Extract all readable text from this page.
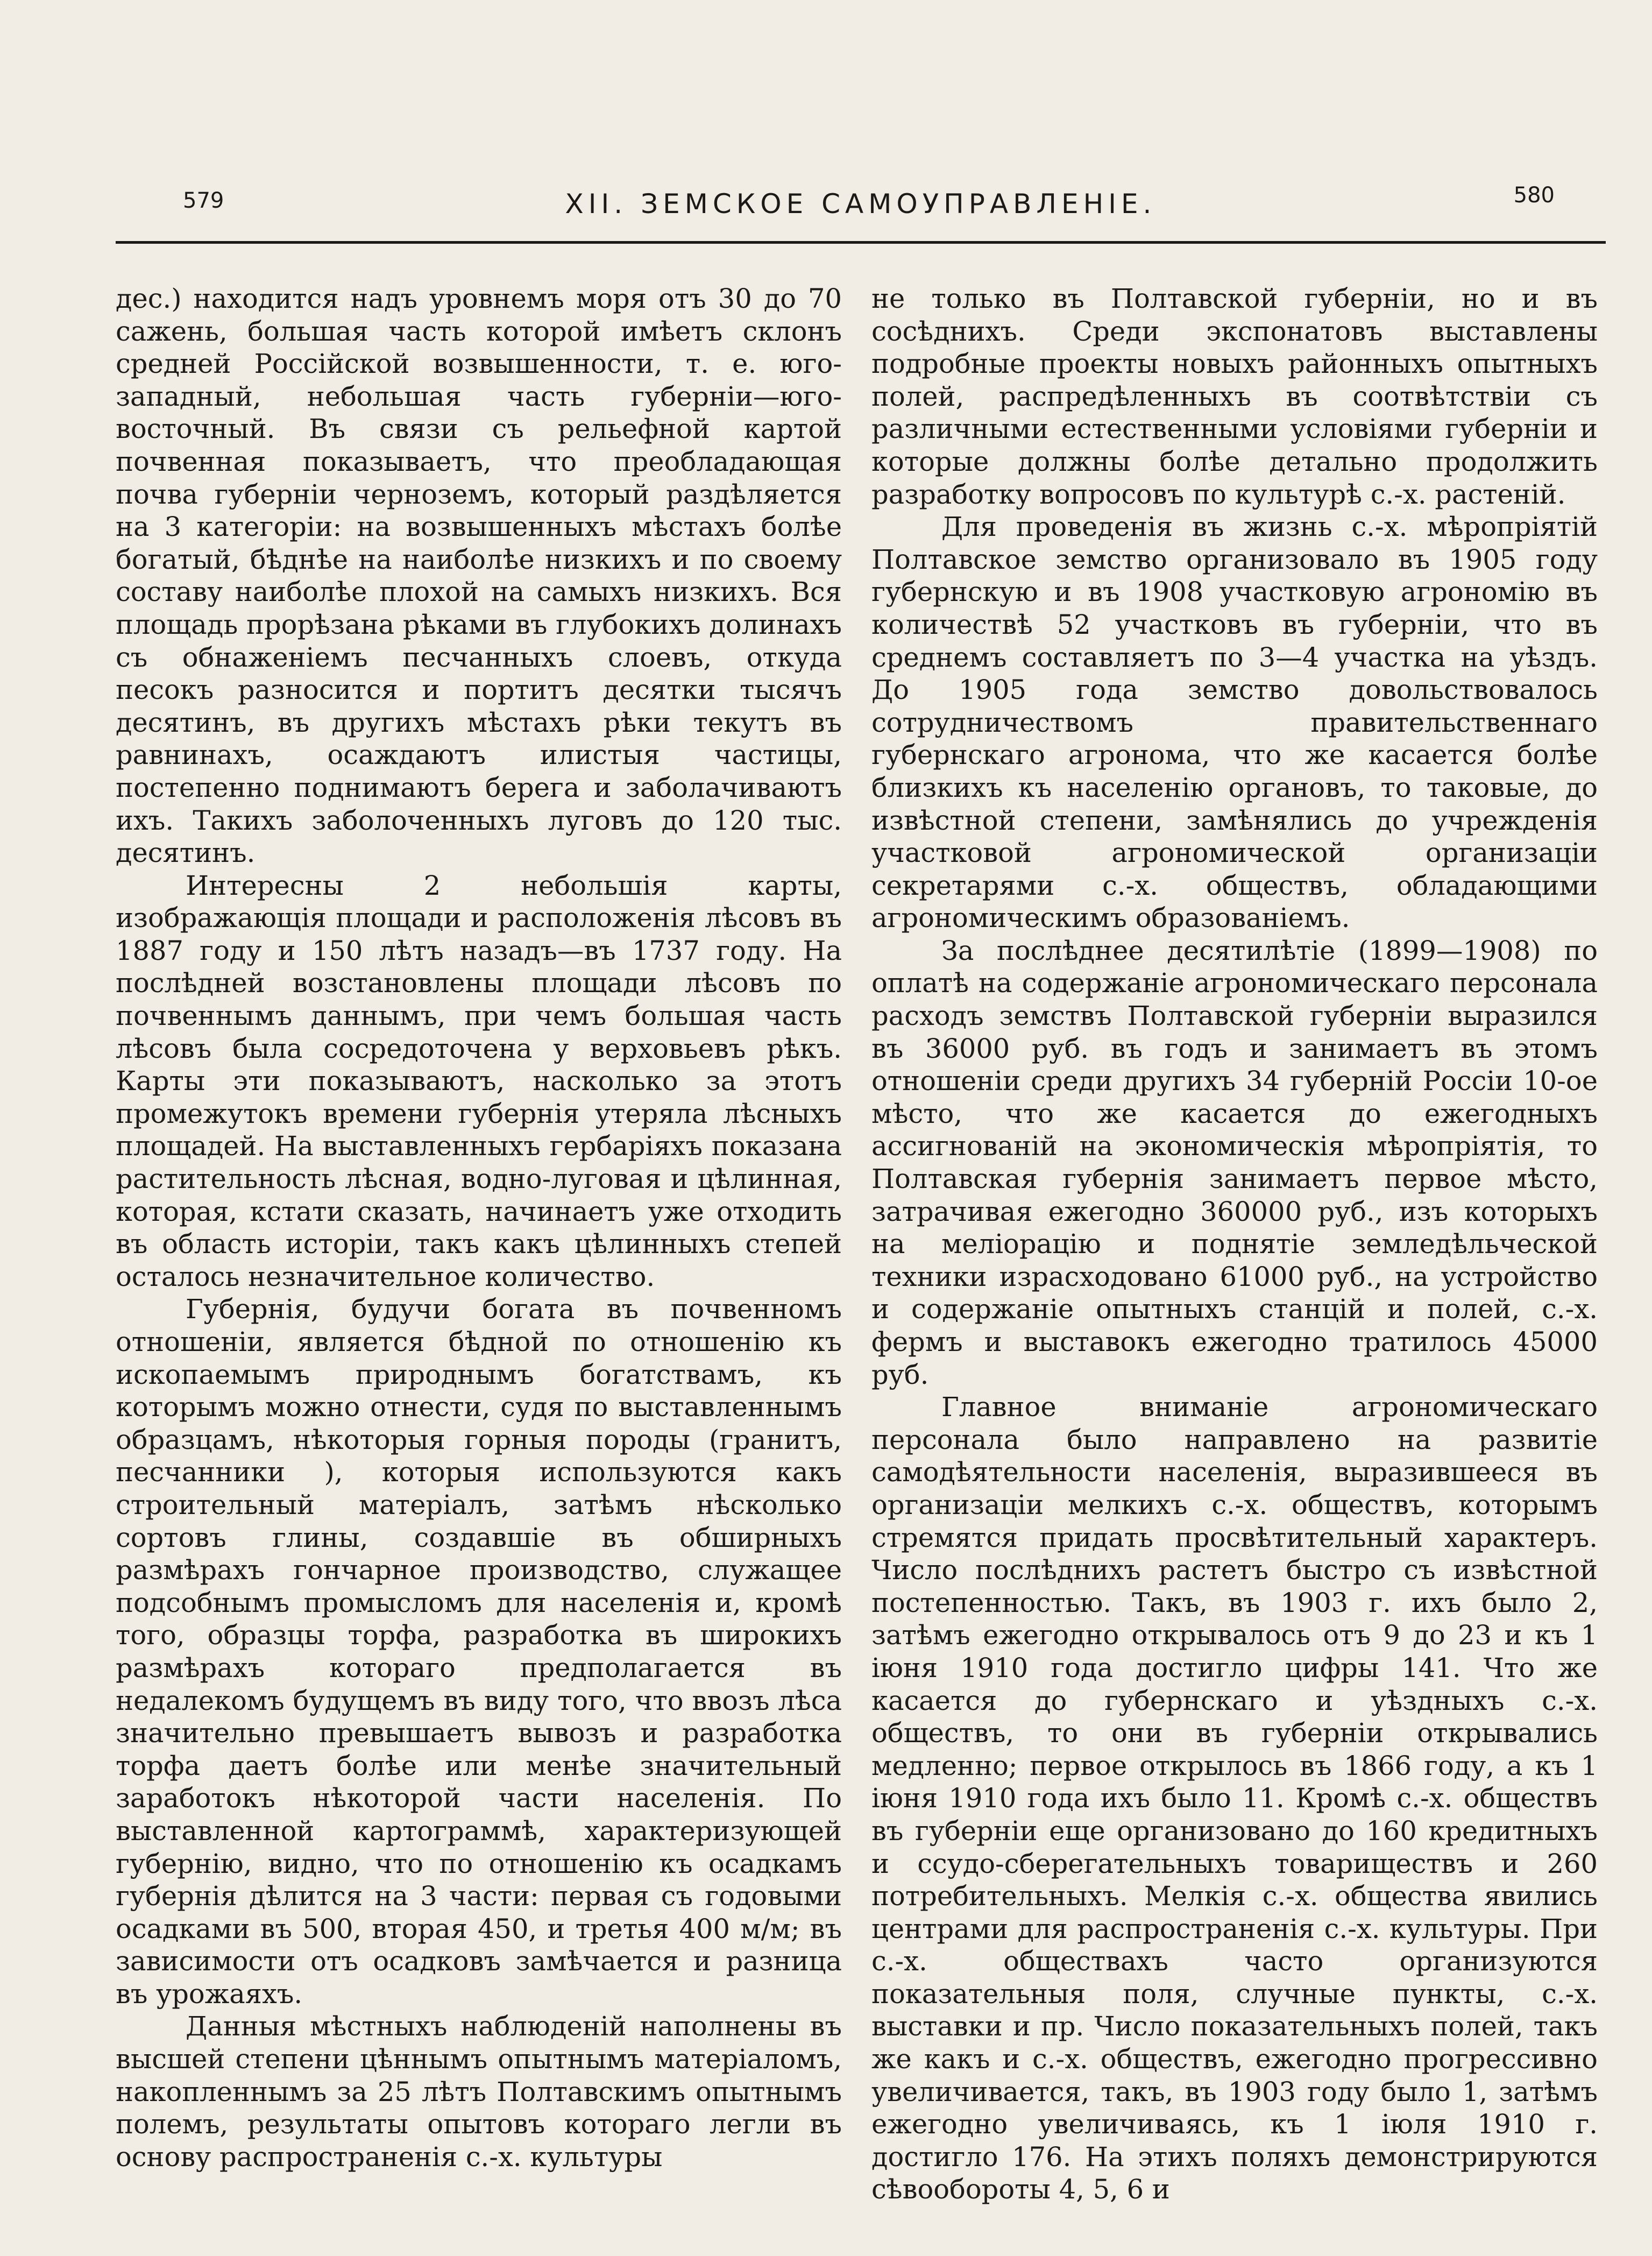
579	XII. ЗЕМСКОЕ САМОУПРАВЛЕНІЕ.	580

дес.) находится надъ уровнемъ моря отъ 30 до 70 сажень, большая часть которой имѣетъ склонъ средней Россійской возвышенности, т. е. юго-западный, небольшая часть губерніи—юго-восточный. Въ связи съ рельефной картой почвенная показываетъ, что преобладающая почва губерніи черноземъ, который раздѣляется на 3 категоріи: на возвышенныхъ мѣстахъ болѣе богатый, бѣднѣе на наиболѣе низкихъ и по своему составу наиболѣе плохой на самыхъ низкихъ. Вся площадь прорѣзана рѣками въ глубокихъ долинахъ съ обнаженіемъ песчанныхъ слоевъ, откуда песокъ разносится и портитъ десятки тысячъ десятинъ, въ другихъ мѣстахъ рѣки текутъ въ равнинахъ, осаждаютъ илистыя частицы, постепенно поднимаютъ берега и заболачиваютъ ихъ. Такихъ заболоченныхъ луговъ до 120 тыс. десятинъ.

Интересны 2 небольшія карты, изображающія площади и расположенія лѣсовъ въ 1887 году и 150 лѣтъ назадъ—въ 1737 году. На послѣдней возстановлены площади лѣсовъ по почвеннымъ даннымъ, при чемъ большая часть лѣсовъ была сосредоточена у верховьевъ рѣкъ. Карты эти показываютъ, насколько за этотъ промежутокъ времени губернія утеряла лѣсныхъ площадей. На выставленныхъ гербаріяхъ показана растительность лѣсная, водно-луговая и цѣлинная, которая, кстати сказать, начинаетъ уже отходить въ область исторіи, такъ какъ цѣлинныхъ степей осталось незначительное количество.

Губернія, будучи богата въ почвенномъ отношеніи, является бѣдной по отношенію къ ископаемымъ природнымъ богатствамъ, къ которымъ можно отнести, судя по выставленнымъ образцамъ, нѣкоторыя горныя породы (гранитъ, песчанники ), которыя используются какъ строительный матеріалъ, затѣмъ нѣсколько сортовъ глины, создавшіе въ обширныхъ размѣрахъ гончарное производство, служащее подсобнымъ промысломъ для населенія и, кромѣ того, образцы торфа, разработка въ широкихъ размѣрахъ котораго предполагается въ недалекомъ будущемъ въ виду того, что ввозъ лѣса значительно превышаетъ вывозъ и разработка торфа даетъ болѣе или менѣе значительный заработокъ нѣкоторой части населенія. По выставленной картограммѣ, характеризующей губернію, видно, что по отношенію къ осадкамъ губернія дѣлится на 3 части: первая съ годовыми осадками въ 500, вторая 450, и третья 400 м/м; въ зависимости отъ осадковъ замѣчается и разница въ урожаяхъ.

Данныя мѣстныхъ наблюденій наполнены въ высшей степени цѣннымъ опытнымъ матеріаломъ, накопленнымъ за 25 лѣтъ Полтавскимъ опытнымъ полемъ, результаты опытовъ котораго легли въ основу распространенія с.-х. культуры

не только въ Полтавской губерніи, но и въ сосѣднихъ. Среди экспонатовъ выставлены подробные проекты новыхъ районныхъ опытныхъ полей, распредѣленныхъ въ соотвѣтствіи съ различными естественными условіями губерніи и которые должны болѣе детально продолжить разработку вопросовъ по культурѣ с.-х. растеній.

Для проведенія въ жизнь с.-х. мѣропріятій Полтавское земство организовало въ 1905 году губернскую и въ 1908 участковую агрономію въ количествѣ 52 участковъ въ губерніи, что въ среднемъ составляетъ по 3—4 участка на уѣздъ. До 1905 года земство довольствовалось сотрудничествомъ правительственнаго губернскаго агронома, что же касается болѣе близкихъ къ населенію органовъ, то таковые, до извѣстной степени, замѣнялись до учрежденія участковой агрономической организаціи секретарями с.-х. обществъ, обладающими агрономическимъ образованіемъ.

За послѣднее десятилѣтіе (1899—1908) по оплатѣ на содержаніе агрономическаго персонала расходъ земствъ Полтавской губерніи выразился въ 36000 руб. въ годъ и занимаетъ въ этомъ отношеніи среди другихъ 34 губерній Россіи 10-ое мѣсто, что же касается до ежегодныхъ ассигнованій на экономическія мѣропріятія, то Полтавская губернія занимаетъ первое мѣсто, затрачивая ежегодно 360000 руб., изъ которыхъ на меліорацію и поднятіе земледѣльческой техники израсходовано 61000 руб., на устройство и содержаніе опытныхъ станцій и полей, с.-х. фермъ и выставокъ ежегодно тратилось 45000 руб.

Главное вниманіе агрономическаго персонала было направлено на развитіе самодѣятельности населенія, выразившееся въ организаціи мелкихъ с.-х. обществъ, которымъ стремятся придать просвѣтительный характеръ. Число послѣднихъ растетъ быстро съ извѣстной постепенностью. Такъ, въ 1903 г. ихъ было 2, затѣмъ ежегодно открывалось отъ 9 до 23 и къ 1 іюня 1910 года достигло цифры 141. Что же касается до губернскаго и уѣздныхъ с.-х. обществъ, то они въ губерніи открывались медленно; первое открылось въ 1866 году, а къ 1 іюня 1910 года ихъ было 11. Кромѣ с.-х. обществъ въ губерніи еще организовано до 160 кредитныхъ и ссудо-сберегательныхъ товариществъ и 260 потребительныхъ. Мелкія с.-х. общества явились центрами для распространенія с.-х. культуры. При с.-х. обществахъ часто организуются показательныя поля, случные пункты, с.-х. выставки и пр. Число показательныхъ полей, такъ же какъ и с.-х. обществъ, ежегодно прогрессивно увеличивается, такъ, въ 1903 году было 1, затѣмъ ежегодно увеличиваясь, къ 1 іюля 1910 г. достигло 176. На этихъ поляхъ демонстрируются сѣвообороты 4, 5, 6 и
